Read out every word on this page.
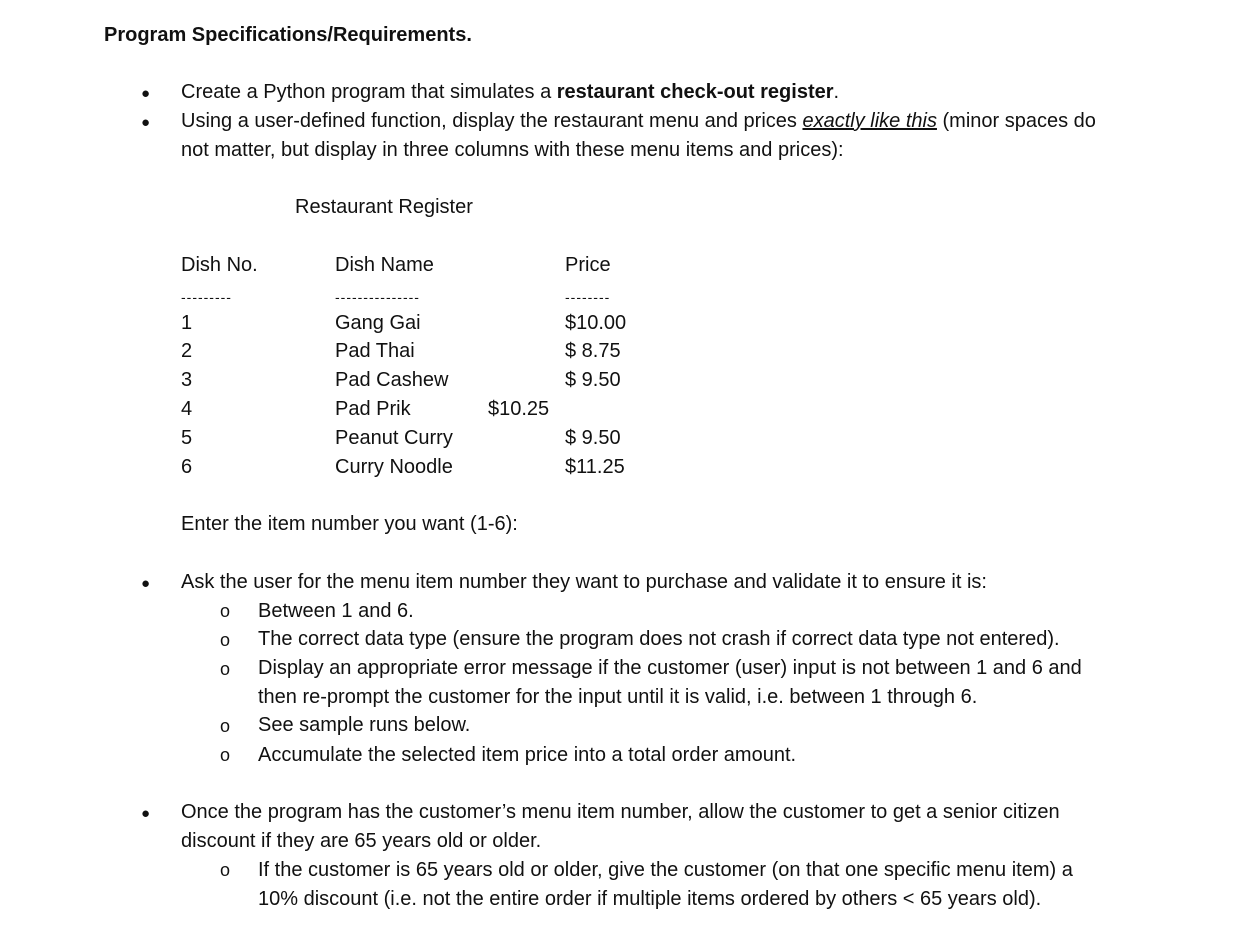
Program Specifications/Requirements.
● Create a Python program that simulates a restaurant check-out register.
● Using a user-defined function, display the restaurant menu and prices exactly like this (minor spaces do
not matter, but display in three columns with these menu items and prices):
Restaurant Register
Dish No.	Dish Name	Price
---------	---------------	--------
1	Gang Gai	$10.00
2	Pad Thai	$ 8.75
3	Pad Cashew	$ 9.50
4	Pad Prik	$10.25
5	Peanut Curry	$ 9.50
6	Curry Noodle	$11.25
Enter the item number you want (1-6):
● Ask the user for the menu item number they want to purchase and validate it to ensure it is:
o Between 1 and 6.
o The correct data type (ensure the program does not crash if correct data type not entered).
o Display an appropriate error message if the customer (user) input is not between 1 and 6 and
then re-prompt the customer for the input until it is valid, i.e. between 1 through 6.
o See sample runs below.
o Accumulate the selected item price into a total order amount.
● Once the program has the customer’s menu item number, allow the customer to get a senior citizen
discount if they are 65 years old or older.
o If the customer is 65 years old or older, give the customer (on that one specific menu item) a
10% discount (i.e. not the entire order if multiple items ordered by others < 65 years old).
